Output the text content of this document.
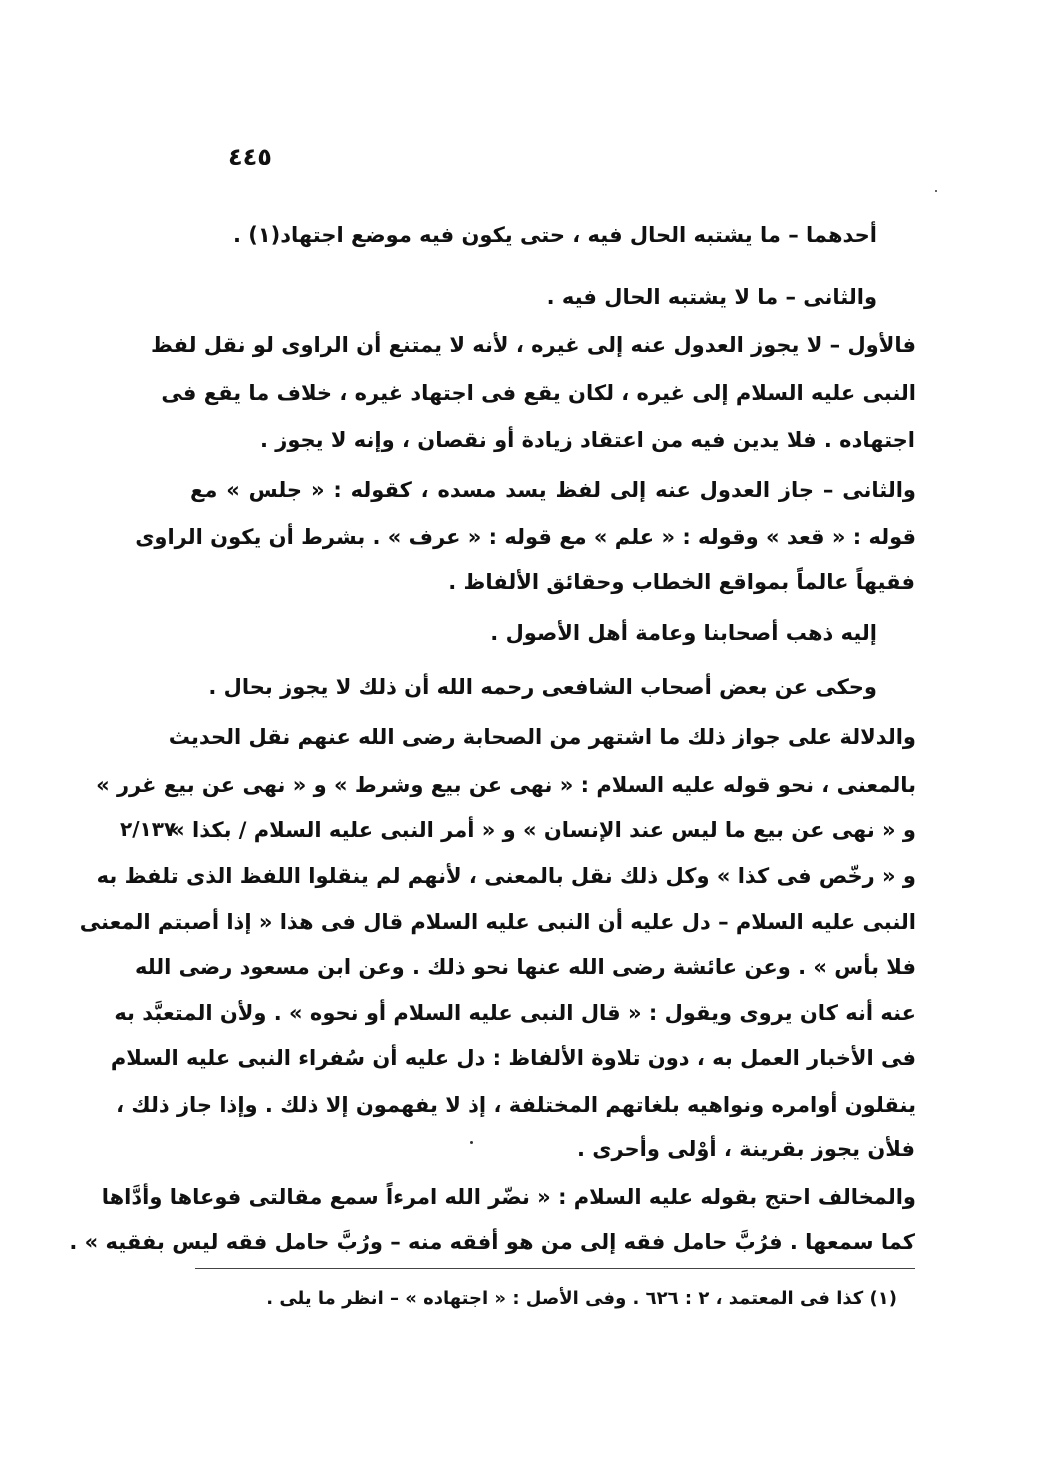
٤٤٥
أحدهما – ما يشتبه الحال فيه ، حتى يكون فيه موضع اجتهاد(١) .
والثانى – ما لا يشتبه الحال فيه .
فالأول – لا يجوز العدول عنه إلى غيره ، لأنه لا يمتنع أن الراوى لو نقل لفظ
النبى عليه السلام إلى غيره ، لكان يقع فى اجتهاد غيره ، خلاف ما يقع فى
اجتهاده . فلا يدين فيه من اعتقاد زيادة أو نقصان ، وإنه لا يجوز .
والثانى – جاز العدول عنه إلى لفظ يسد مسده ، كقوله : « جلس » مع
قوله : « قعد » وقوله : « علم » مع قوله : « عرف » . بشرط أن يكون الراوى
فقيهاً عالماً بمواقع الخطاب وحقائق الألفاظ .
إليه ذهب أصحابنا وعامة أهل الأصول .
وحكى عن بعض أصحاب الشافعى رحمه الله أن ذلك لا يجوز بحال .
والدلالة على جواز ذلك ما اشتهر من الصحابة رضى الله عنهم نقل الحديث
بالمعنى ، نحو قوله عليه السلام : « نهى عن بيع وشرط » و « نهى عن بيع غرر »
و « نهى عن بيع ما ليس عند الإنسان » و « أمر النبى عليه السلام / بكذا »
و « رخّص فى كذا » وكل ذلك نقل بالمعنى ، لأنهم لم ينقلوا اللفظ الذى تلفظ به
النبى عليه السلام – دل عليه أن النبى عليه السلام قال فى هذا « إذا أصبتم المعنى
فلا بأس » . وعن عائشة رضى الله عنها نحو ذلك . وعن ابن مسعود رضى الله
عنه أنه كان يروى ويقول : « قال النبى عليه السلام أو نحوه » . ولأن المتعبَّد به
فى الأخبار العمل به ، دون تلاوة الألفاظ : دل عليه أن سُفراء النبى عليه السلام
ينقلون أوامره ونواهيه بلغاتهم المختلفة ، إذ لا يفهمون إلا ذلك . وإذا جاز ذلك ،
فلأن يجوز بقرينة ، أوْلى وأحرى .
والمخالف احتج بقوله عليه السلام : « نضّر الله امرءاً سمع مقالتى فوعاها وأدَّاها
كما سمعها . فرُبَّ حامل فقه إلى من هو أفقه منه – ورُبَّ حامل فقه ليس بفقيه » .
٢/١٣٧
(١) كذا فى المعتمد ، ٢ : ٦٢٦ . وفى الأصل : « اجتهاده » – انظر ما يلى .
